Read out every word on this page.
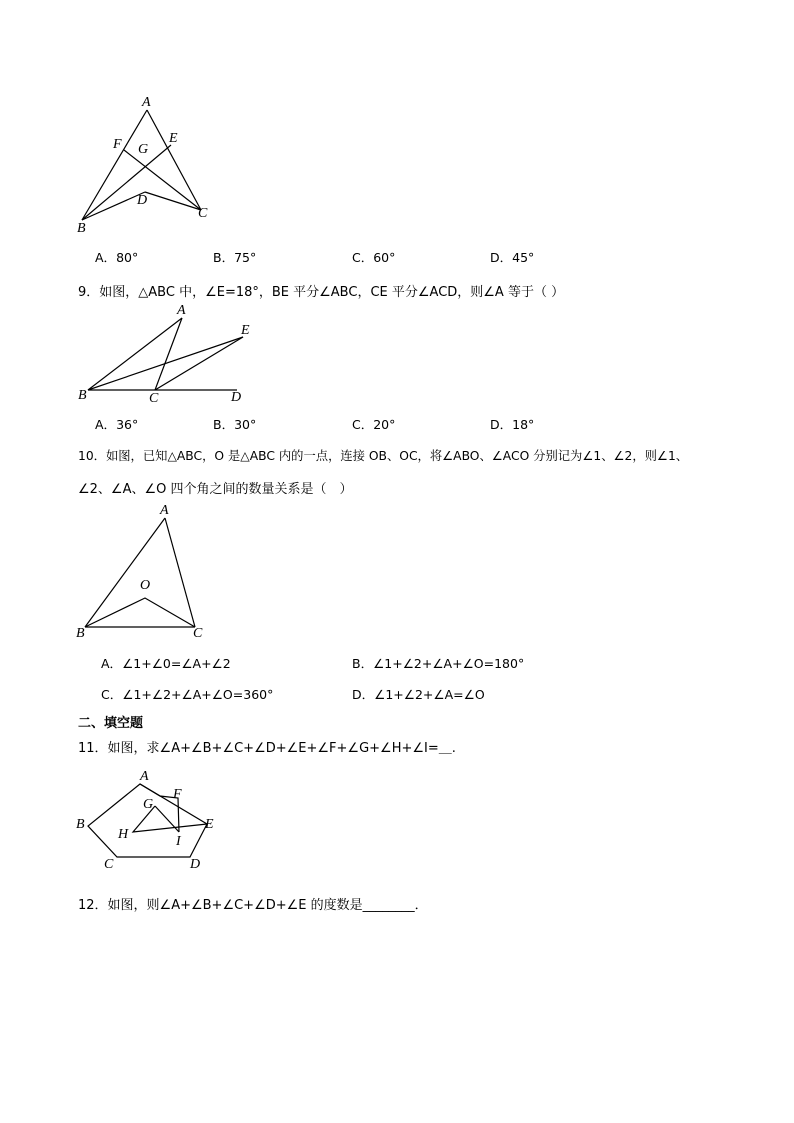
A
E
F G
D
B
C
A．80°	B．75°	C．60°	D．45°
9．如图，△ABC 中，∠E=18°，BE 平分∠ABC，CE 平分∠ACD，则∠A 等于（ ）
A
E
B	C	D
A．36°	B．30°	C．20°	D．18°
10．如图，已知△ABC，O 是△ABC 内的一点，连接 OB、OC，将∠ABO、∠ACO 分别记为∠1、∠2，则∠1、
∠2、∠A、∠O 四个角之间的数量关系是（　）
A
O
B	C
A．∠1+∠0=∠A+∠2	B．∠1+∠2+∠A+∠O=180°
C．∠1+∠2+∠A+∠O=360°	D．∠1+∠2+∠A=∠O
二、填空题
11．如图，求∠A+∠B+∠C+∠D+∠E+∠F+∠G+∠H+∠I=＿.
A
F
G
B	E
H	I
C	D
12．如图，则∠A+∠B+∠C+∠D+∠E 的度数是________．
